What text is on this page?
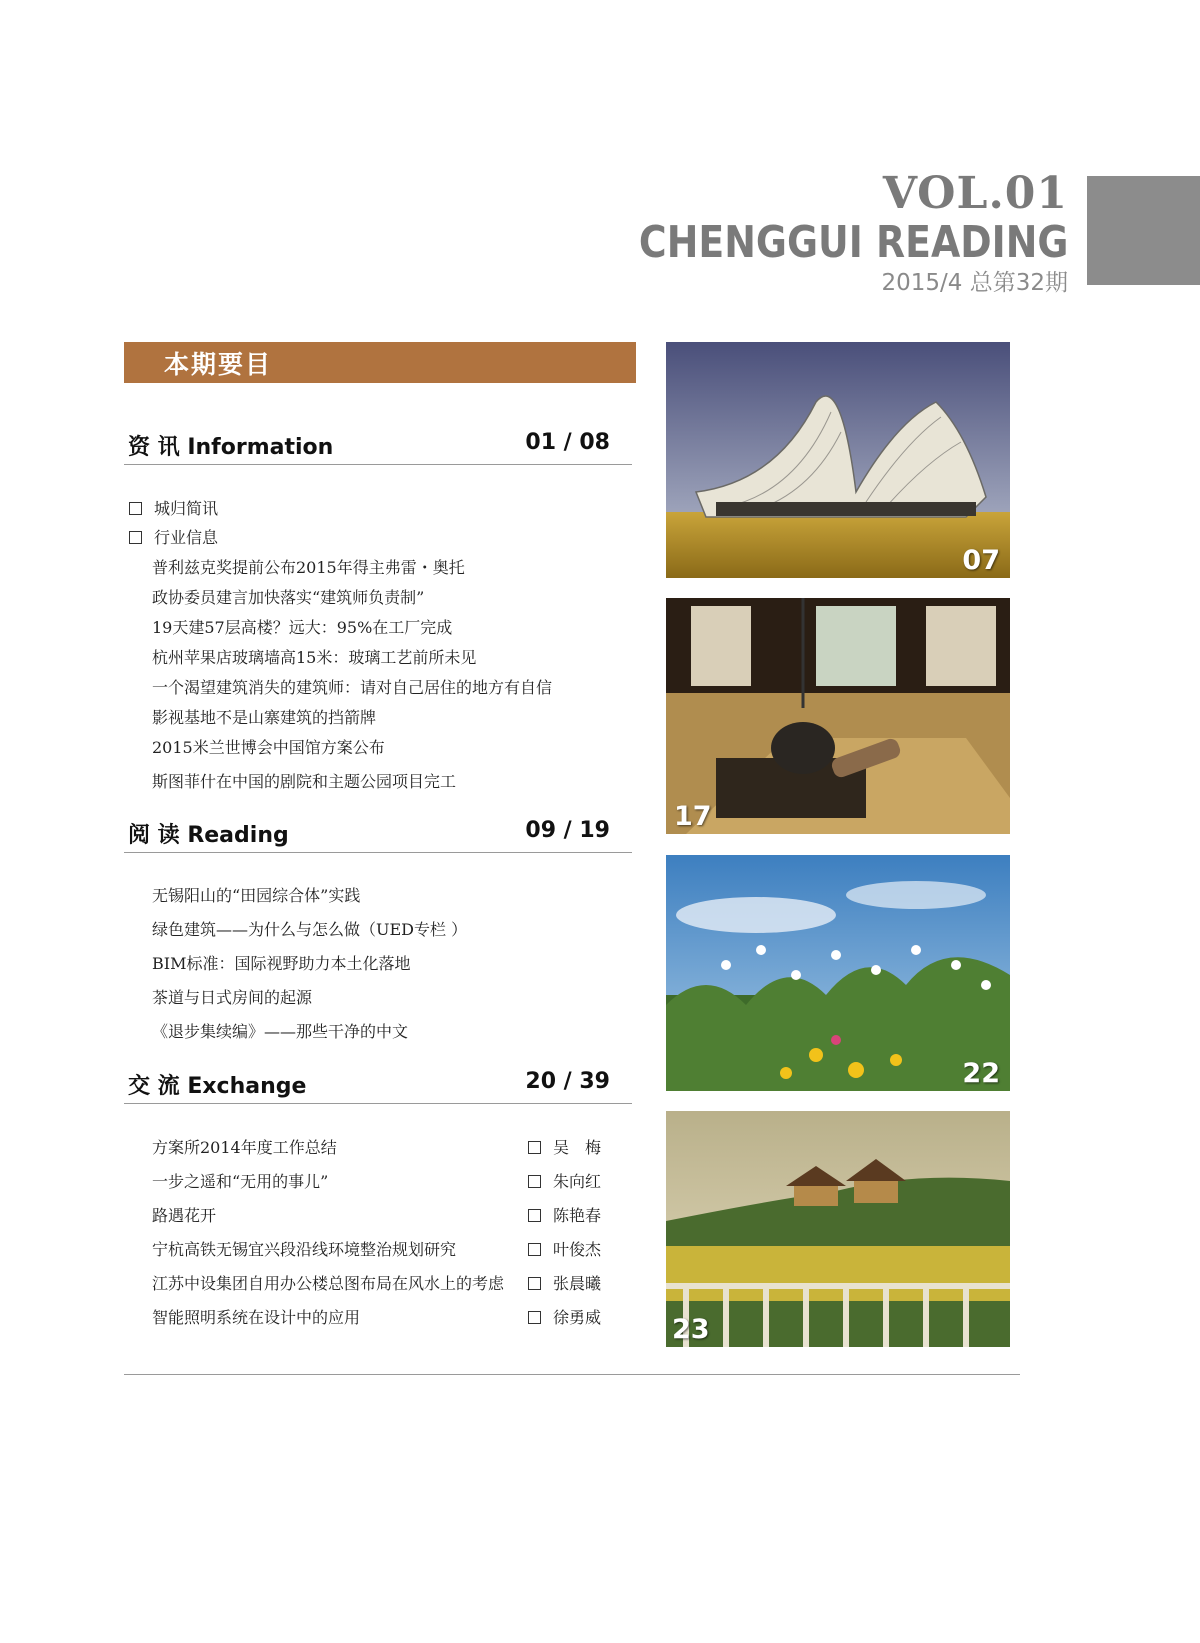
VOL.01
CHENGGUI READING
2015/4 总第32期
本期要目
资 讯 Information	01 / 08
城归简讯
行业信息
普利兹克奖提前公布2015年得主弗雷・奥托
政协委员建言加快落实“建筑师负责制”
19天建57层高楼？远大：95%在工厂完成
杭州苹果店玻璃墙高15米：玻璃工艺前所未见
一个渴望建筑消失的建筑师：请对自己居住的地方有自信
影视基地不是山寨建筑的挡箭牌
2015米兰世博会中国馆方案公布
斯图菲什在中国的剧院和主题公园项目完工
阅 读 Reading	09 / 19
无锡阳山的“田园综合体”实践
绿色建筑——为什么与怎么做（UED专栏 ）
BIM标准：国际视野助力本土化落地
茶道与日式房间的起源
《退步集续编》——那些干净的中文
交 流 Exchange	20 / 39
方案所2014年度工作总结	吴　梅
一步之遥和“无用的事儿”	朱向红
路遇花开	陈艳春
宁杭高铁无锡宜兴段沿线环境整治规划研究	叶俊杰
江苏中设集团自用办公楼总图布局在风水上的考虑	张晨曦
智能照明系统在设计中的应用	徐勇威
07
17
22
23
